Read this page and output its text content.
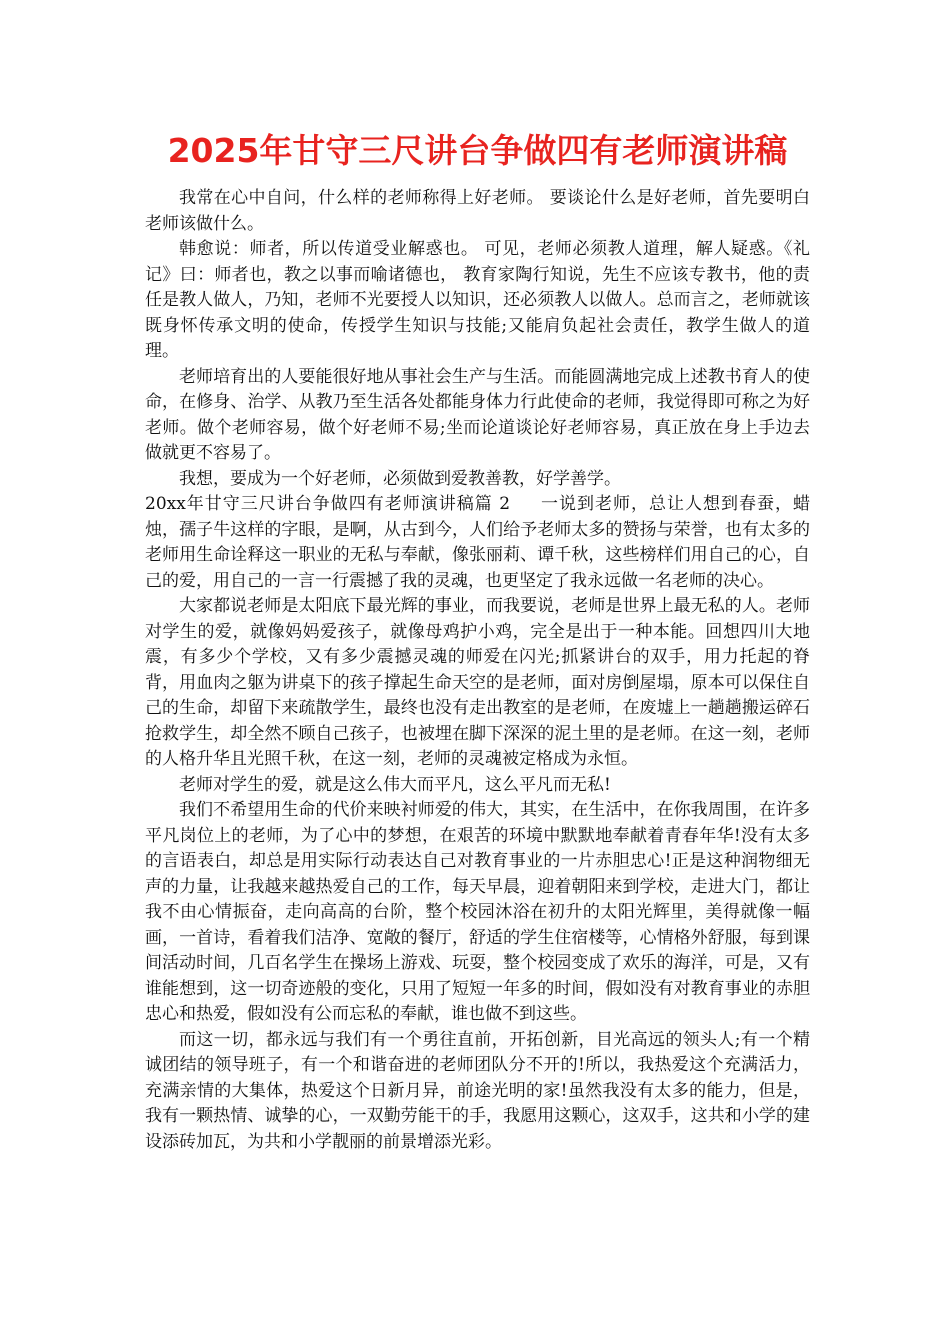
2025年甘守三尺讲台争做四有老师演讲稿

我常在心中自问，什么样的老师称得上好老师。 要谈论什么是好老师，首先要明白老师该做什么。

韩愈说：师者，所以传道受业解惑也。 可见，老师必须教人道理，解人疑惑。《礼记》曰：师者也，教之以事而喻诸德也， 教育家陶行知说，先生不应该专教书，他的责任是教人做人，乃知，老师不光要授人以知识，还必须教人以做人。总而言之，老师就该既身怀传承文明的使命，传授学生知识与技能;又能肩负起社会责任，教学生做人的道理。

老师培育出的人要能很好地从事社会生产与生活。而能圆满地完成上述教书育人的使命，在修身、治学、从教乃至生活各处都能身体力行此使命的老师，我觉得即可称之为好老师。做个老师容易，做个好老师不易;坐而论道谈论好老师容易，真正放在身上手边去做就更不容易了。

我想，要成为一个好老师，必须做到爱教善教，好学善学。

20xx年甘守三尺讲台争做四有老师演讲稿篇 2 一说到老师，总让人想到春蚕，蜡烛，孺子牛这样的字眼，是啊，从古到今，人们给予老师太多的赞扬与荣誉，也有太多的老师用生命诠释这一职业的无私与奉献，像张丽莉、谭千秋，这些榜样们用自己的心，自己的爱，用自己的一言一行震撼了我的灵魂，也更坚定了我永远做一名老师的决心。

大家都说老师是太阳底下最光辉的事业，而我要说，老师是世界上最无私的人。老师对学生的爱，就像妈妈爱孩子，就像母鸡护小鸡，完全是出于一种本能。回想四川大地震，有多少个学校，又有多少震撼灵魂的师爱在闪光;抓紧讲台的双手，用力托起的脊背，用血肉之躯为讲桌下的孩子撑起生命天空的是老师，面对房倒屋塌，原本可以保住自己的生命，却留下来疏散学生，最终也没有走出教室的是老师，在废墟上一趟趟搬运碎石抢救学生，却全然不顾自己孩子，也被埋在脚下深深的泥土里的是老师。在这一刻，老师的人格升华且光照千秋，在这一刻，老师的灵魂被定格成为永恒。

老师对学生的爱，就是这么伟大而平凡，这么平凡而无私!

我们不希望用生命的代价来映衬师爱的伟大，其实，在生活中，在你我周围，在许多平凡岗位上的老师，为了心中的梦想，在艰苦的环境中默默地奉献着青春年华!没有太多的言语表白，却总是用实际行动表达自己对教育事业的一片赤胆忠心!正是这种润物细无声的力量，让我越来越热爱自己的工作，每天早晨，迎着朝阳来到学校，走进大门，都让我不由心情振奋，走向高高的台阶，整个校园沐浴在初升的太阳光辉里，美得就像一幅画，一首诗，看着我们洁净、宽敞的餐厅，舒适的学生住宿楼等，心情格外舒服，每到课间活动时间，几百名学生在操场上游戏、玩耍，整个校园变成了欢乐的海洋，可是，又有谁能想到，这一切奇迹般的变化，只用了短短一年多的时间，假如没有对教育事业的赤胆忠心和热爱，假如没有公而忘私的奉献，谁也做不到这些。

而这一切，都永远与我们有一个勇往直前，开拓创新，目光高远的领头人;有一个精诚团结的领导班子，有一个和谐奋进的老师团队分不开的!所以，我热爱这个充满活力，充满亲情的大集体，热爱这个日新月异，前途光明的家!虽然我没有太多的能力，但是，我有一颗热情、诚挚的心，一双勤劳能干的手，我愿用这颗心，这双手，这共和小学的建设添砖加瓦，为共和小学靓丽的前景增添光彩。
